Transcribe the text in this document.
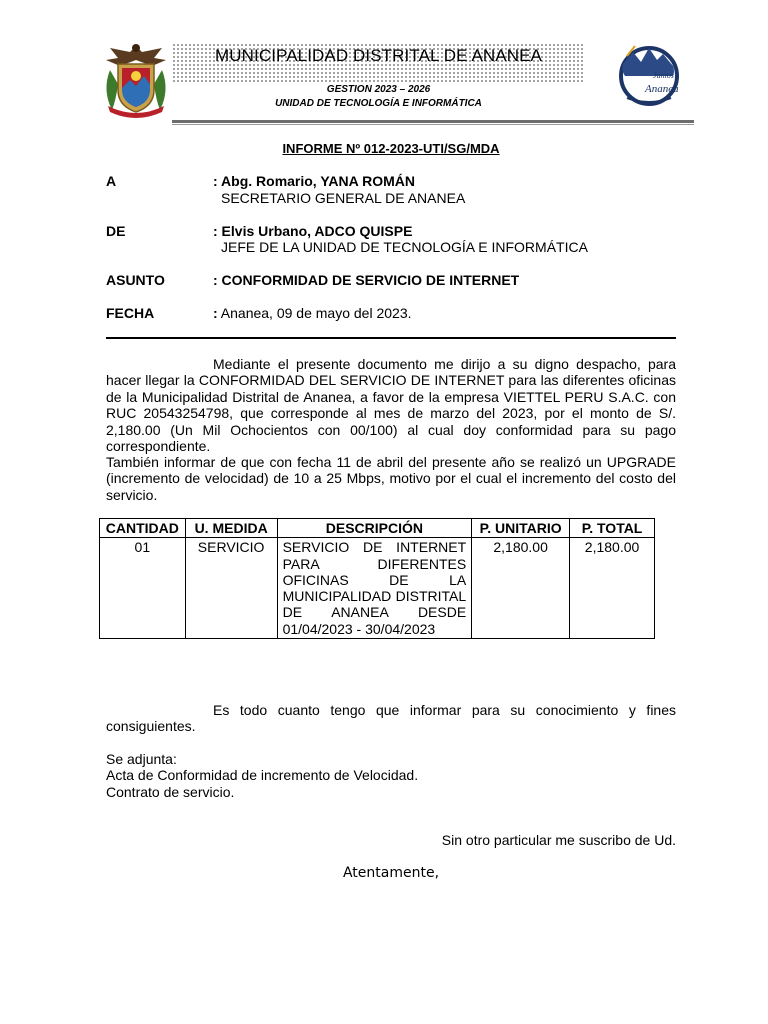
MUNICIPALIDAD DISTRITAL DE ANANEA
GESTION 2023 – 2026
UNIDAD DE TECNOLOGÍA E INFORMÁTICA
Juntos
Ananea
INFORME Nº 012-2023-UTI/SG/MDA
A	: Abg. Romario, YANA ROMÁN
SECRETARIO GENERAL DE ANANEA
DE	: Elvis Urbano, ADCO QUISPE
JEFE DE LA UNIDAD DE TECNOLOGÍA E INFORMÁTICA
ASUNTO	: CONFORMIDAD DE SERVICIO DE INTERNET
FECHA	: Ananea, 09 de mayo del 2023.
Mediante el presente documento me dirijo a su digno despacho, para hacer llegar la CONFORMIDAD DEL SERVICIO DE INTERNET para las diferentes oficinas de la Municipalidad Distrital de Ananea, a favor de la empresa VIETTEL PERU S.A.C. con RUC 20543254798, que corresponde al mes de marzo del 2023, por el monto de S/. 2,180.00 (Un Mil Ochocientos con 00/100) al cual doy conformidad para su pago correspondiente.
También informar de que con fecha 11 de abril del presente año se realizó un UPGRADE (incremento de velocidad) de 10 a 25 Mbps, motivo por el cual el incremento del costo del servicio.
CANTIDAD	U. MEDIDA	DESCRIPCIÓN	P. UNITARIO	P. TOTAL
01	SERVICIO	SERVICIO DE INTERNET PARA DIFERENTES OFICINAS DE LA MUNICIPALIDAD DISTRITAL DE ANANEA DESDE 01/04/2023 - 30/04/2023	2,180.00	2,180.00
Es todo cuanto tengo que informar para su conocimiento y fines consiguientes.
Se adjunta:
Acta de Conformidad de incremento de Velocidad.
Contrato de servicio.
Sin otro particular me suscribo de Ud.
Atentamente,
